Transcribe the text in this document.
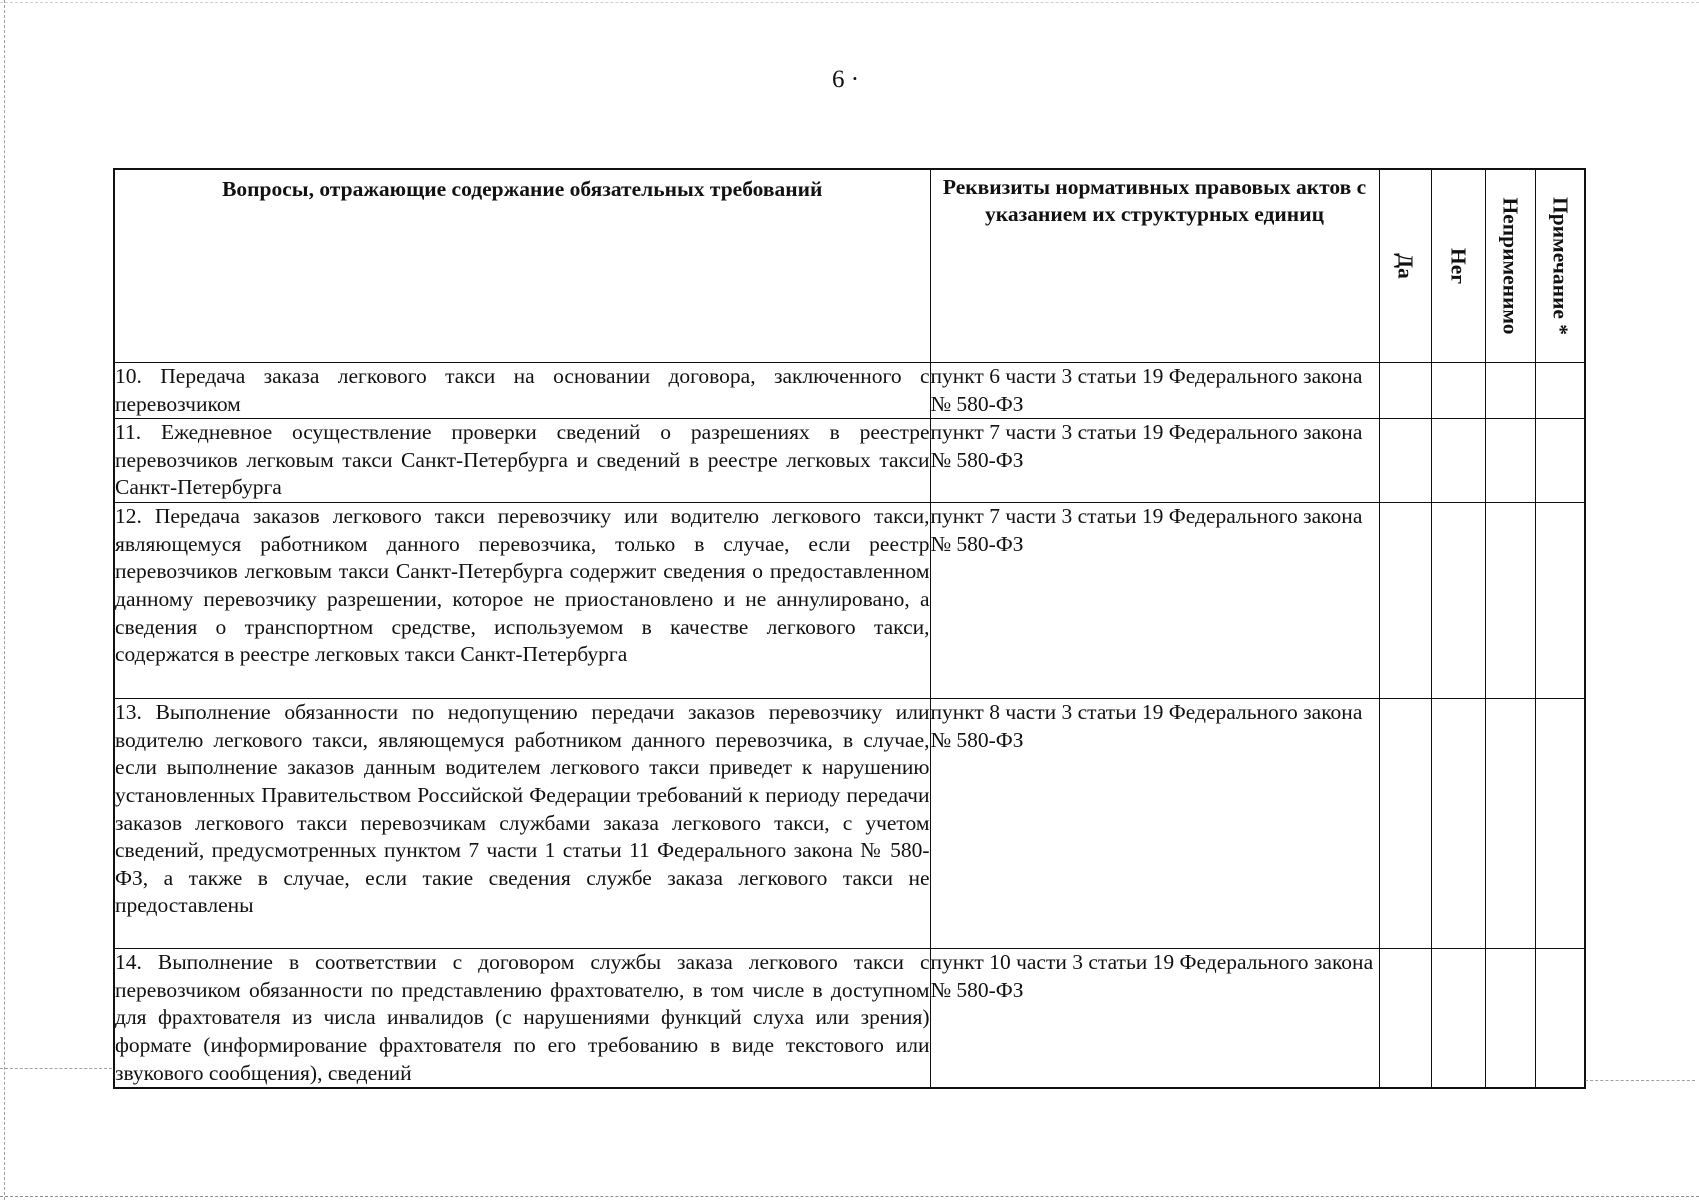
6 ·
Вопросы, отражающие содержание обязательных требований	Реквизиты нормативных правовых актов с указанием их структурных единиц	Да	Нег	Неприменимо	Примечание *

10. Передача заказа легкового такси на основании договора, заключенного с перевозчиком	пункт 6 части 3 статьи 19 Федерального закона № 580-ФЗ				
11. Ежедневное осуществление проверки сведений о разрешениях в реестре перевозчиков легковым такси Санкт-Петербурга и сведений в реестре легковых такси Санкт-Петербурга	пункт 7 части 3 статьи 19 Федерального закона № 580-ФЗ				
12. Передача заказов легкового такси перевозчику или водителю легкового такси, являющемуся работником данного перевозчика, только в случае, если реестр перевозчиков легковым такси Санкт-Петербурга содержит сведения о предоставленном данному перевозчику разрешении, которое не приостановлено и не аннулировано, а сведения о транспортном средстве, используемом в качестве легкового такси, содержатся в реестре легковых такси Санкт-Петербурга	пункт 7 части 3 статьи 19 Федерального закона № 580-ФЗ				
13. Выполнение обязанности по недопущению передачи заказов перевозчику или водителю легкового такси, являющемуся работником данного перевозчика, в случае, если выполнение заказов данным водителем легкового такси приведет к нарушению установленных Правительством Российской Федерации требований к периоду передачи заказов легкового такси перевозчикам службами заказа легкового такси, с учетом сведений, предусмотренных пунктом 7 части 1 статьи 11 Федерального закона № 580-ФЗ, а также в случае, если такие сведения службе заказа легкового такси не предоставлены	пункт 8 части 3 статьи 19 Федерального закона № 580-ФЗ				
14. Выполнение в соответствии с договором службы заказа легкового такси с перевозчиком обязанности по представлению фрахтователю, в том числе в доступном для фрахтователя из числа инвалидов (с нарушениями функций слуха или зрения) формате (информирование фрахтователя по его требованию в виде текстового или звукового сообщения), сведений	пункт 10 части 3 статьи 19 Федерального закона № 580-ФЗ				
